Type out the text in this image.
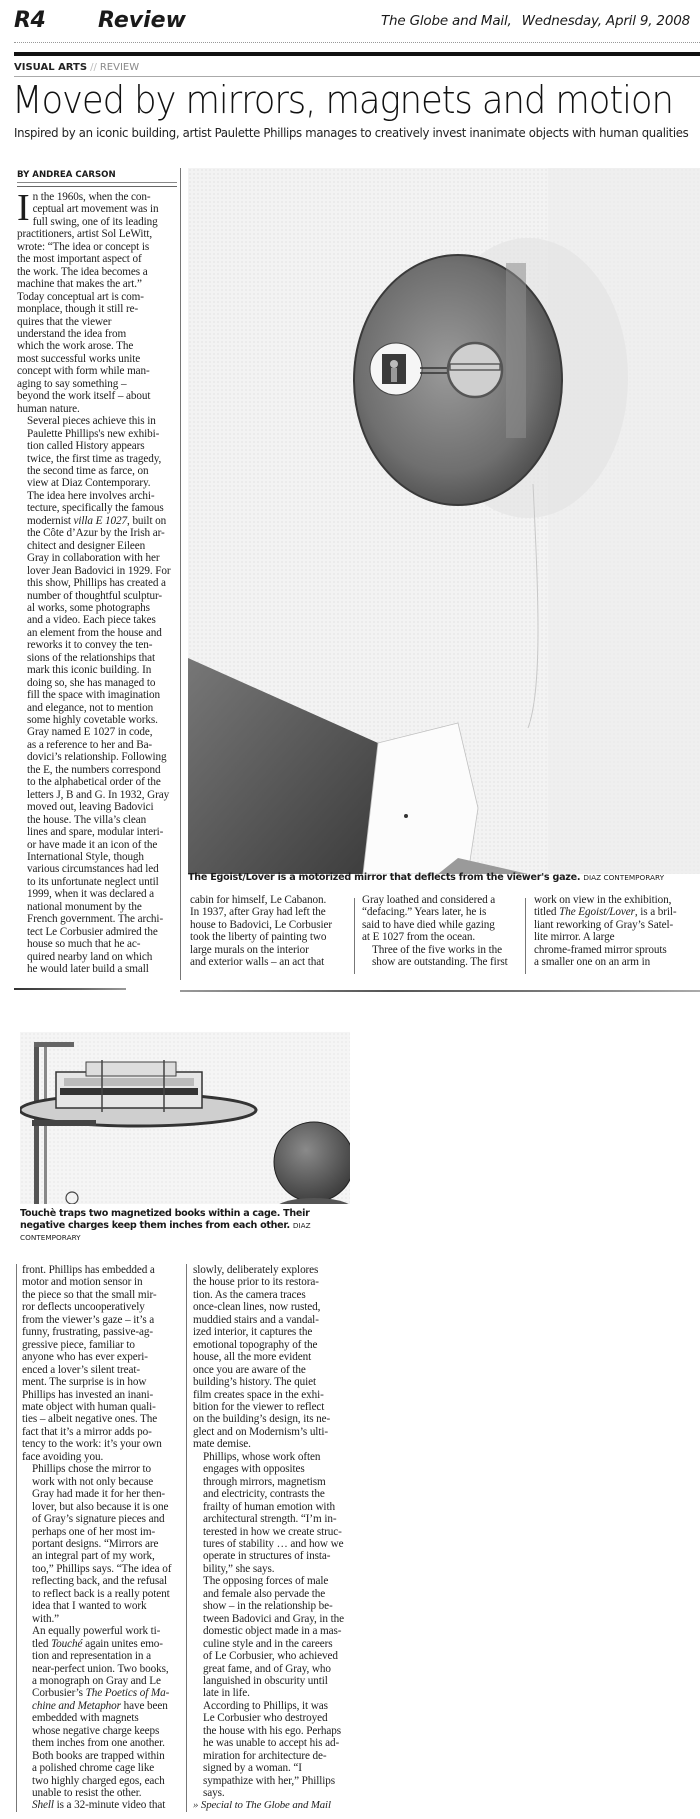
R4 Review	The Globe and Mail, Wednesday, April 9, 2008
VISUAL ARTS // REVIEW
Moved by mirrors, magnets and motion
Inspired by an iconic building, artist Paulette Phillips manages to creatively invest inanimate objects with human qualities
BY ANDREA CARSON

I n the 1960s, when the con-
ceptual art movement was in
full swing, one of its leading
practitioners, artist Sol LeWitt,
wrote: “The idea or concept is
the most important aspect of
the work. The idea becomes a
machine that makes the art.”
Today conceptual art is com-
monplace, though it still re-
quires that the viewer
understand the idea from
which the work arose. The
most successful works unite
concept with form while man-
aging to say something –
beyond the work itself – about
human nature.

Several pieces achieve this in
Paulette Phillips's new exhibi-
tion called History appears
twice, the first time as tragedy,
the second time as farce, on
view at Diaz Contemporary.
The idea here involves archi-
tecture, specifically the famous
modernist villa E 1027, built on
the Côte d’Azur by the Irish ar-
chitect and designer Eileen
Gray in collaboration with her
lover Jean Badovici in 1929. For
this show, Phillips has created a
number of thoughtful sculptur-
al works, some photographs
and a video. Each piece takes
an element from the house and
reworks it to convey the ten-
sions of the relationships that
mark this iconic building. In
doing so, she has managed to
fill the space with imagination
and elegance, not to mention
some highly covetable works.

Gray named E 1027 in code,
as a reference to her and Ba-
dovici’s relationship. Following
the E, the numbers correspond
to the alphabetical order of the
letters J, B and G. In 1932, Gray
moved out, leaving Badovici
the house. The villa’s clean
lines and spare, modular interi-
or have made it an icon of the
International Style, though
various circumstances had led
to its unfortunate neglect until
1999, when it was declared a
national monument by the
French government. The archi-
tect Le Corbusier admired the
house so much that he ac-
quired nearby land on which
he would later build a small

The Egoist/Lover is a motorized mirror that deflects from the viewer's gaze. DIAZ CONTEMPORARY

cabin for himself, Le Cabanon.
In 1937, after Gray had left the
house to Badovici, Le Corbusier
took the liberty of painting two
large murals on the interior
and exterior walls – an act that

Gray loathed and considered a
“defacing.” Years later, he is
said to have died while gazing
at E 1027 from the ocean.

Three of the five works in the
show are outstanding. The first

work on view in the exhibition,
titled The Egoist/Lover, is a bril-
liant reworking of Gray’s Satel-
lite mirror. A large
chrome-framed mirror sprouts
a smaller one on an arm in

Touchè traps two magnetized books within a cage. Their negative charges keep them inches from each other. DIAZ CONTEMPORARY

front. Phillips has embedded a
motor and motion sensor in
the piece so that the small mir-
ror deflects uncooperatively
from the viewer’s gaze – it’s a
funny, frustrating, passive-ag-
gressive piece, familiar to
anyone who has ever experi-
enced a lover’s silent treat-
ment. The surprise is in how
Phillips has invested an inani-
mate object with human quali-
ties – albeit negative ones. The
fact that it’s a mirror adds po-
tency to the work: it’s your own
face avoiding you.

Phillips chose the mirror to
work with not only because
Gray had made it for her then-
lover, but also because it is one
of Gray’s signature pieces and
perhaps one of her most im-
portant designs. “Mirrors are
an integral part of my work,
too,” Phillips says. “The idea of
reflecting back, and the refusal
to reflect back is a really potent
idea that I wanted to work
with.”

An equally powerful work ti-
tled Touché again unites emo-
tion and representation in a
near-perfect union. Two books,
a monograph on Gray and Le
Corbusier’s The Poetics of Ma-
chine and Metaphor have been
embedded with magnets
whose negative charge keeps
them inches from one another.
Both books are trapped within
a polished chrome cage like
two highly charged egos, each
unable to resist the other.

Shell is a 32-minute video that

slowly, deliberately explores
the house prior to its restora-
tion. As the camera traces
once-clean lines, now rusted,
muddied stairs and a vandal-
ized interior, it captures the
emotional topography of the
house, all the more evident
once you are aware of the
building’s history. The quiet
film creates space in the exhi-
bition for the viewer to reflect
on the building’s design, its ne-
glect and on Modernism’s ulti-
mate demise.

Phillips, whose work often
engages with opposites
through mirrors, magnetism
and electricity, contrasts the
frailty of human emotion with
architectural strength. “I’m in-
terested in how we create struc-
tures of stability … and how we
operate in structures of insta-
bility,” she says.

The opposing forces of male
and female also pervade the
show – in the relationship be-
tween Badovici and Gray, in the
domestic object made in a mas-
culine style and in the careers
of Le Corbusier, who achieved
great fame, and of Gray, who
languished in obscurity until
late in life.

According to Phillips, it was
Le Corbusier who destroyed
the house with his ego. Perhaps
he was unable to accept his ad-
miration for architecture de-
signed by a woman. “I
sympathize with her,” Phillips
says.

» Special to The Globe and Mail
